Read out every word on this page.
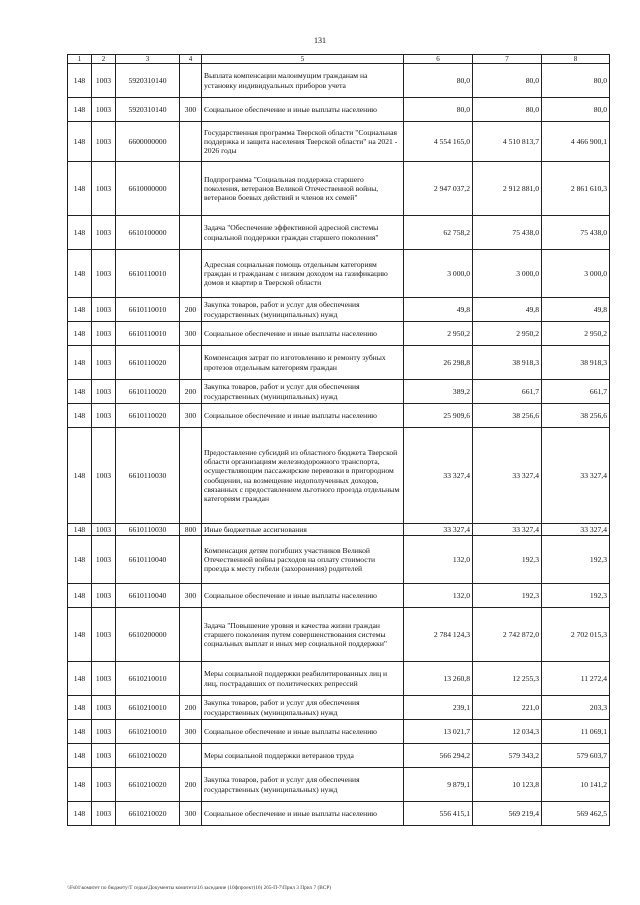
131
1	2	3	4	5	6	7	8
148	1003	5920310140		Выплата компенсации малоимущим гражданам на установку индивидуальных приборов учета	80,0	80,0	80,0
148	1003	5920310140	300	Социальное обеспечение и иные выплаты населению	80,0	80,0	80,0
148	1003	6600000000		Государственная программа Тверской области "Социальная поддержка и защита населения Тверской области" на 2021 - 2026 годы	4 554 165,0	4 510 813,7	4 466 900,1
148	1003	6610000000		Подпрограмма "Социальная поддержка старшего поколения, ветеранов Великой Отечественной войны, ветеранов боевых действий и членов их семей"	2 947 037,2	2 912 881,0	2 861 610,3
148	1003	6610100000		Задача "Обеспечение эффективной адресной системы социальной поддержки граждан старшего поколения"	62 758,2	75 438,0	75 438,0
148	1003	6610110010		Адресная социальная помощь отдельным категориям граждан и гражданам с низким доходом на газификацию домов и квартир в Тверской области	3 000,0	3 000,0	3 000,0
148	1003	6610110010	200	Закупка товаров, работ и услуг для обеспечения государственных (муниципальных) нужд	49,8	49,8	49,8
148	1003	6610110010	300	Социальное обеспечение и иные выплаты населению	2 950,2	2 950,2	2 950,2
148	1003	6610110020		Компенсация затрат по изготовлению и ремонту зубных протезов отдельным категориям граждан	26 298,8	38 918,3	38 918,3
148	1003	6610110020	200	Закупка товаров, работ и услуг для обеспечения государственных (муниципальных) нужд	389,2	661,7	661,7
148	1003	6610110020	300	Социальное обеспечение и иные выплаты населению	25 909,6	38 256,6	38 256,6
148	1003	6610110030		Предоставление субсидий из областного бюджета Тверской области организациям железнодорожного транспорта, осуществляющим пассажирские перевозки в пригородном сообщении, на возмещение недополученных доходов, связанных с предоставлением льготного проезда отдельным категориям граждан	33 327,4	33 327,4	33 327,4
148	1003	6610110030	800	Иные бюджетные ассигнования	33 327,4	33 327,4	33 327,4
148	1003	6610110040		Компенсация детям погибших участников Великой Отечественной войны расходов на оплату стоимости проезда к месту гибели (захоронения) родителей	132,0	192,3	192,3
148	1003	6610110040	300	Социальное обеспечение и иные выплаты населению	132,0	192,3	192,3
148	1003	6610200000		Задача "Повышение уровня и качества жизни граждан старшего поколения путем совершенствования системы социальных выплат и иных мер социальной поддержки"	2 784 124,3	2 742 872,0	2 702 015,3
148	1003	6610210010		Меры социальной поддержки реабилитированных лиц и лиц, пострадавших от политических репрессий	13 260,8	12 255,3	11 272,4
148	1003	6610210010	200	Закупка товаров, работ и услуг для обеспечения государственных (муниципальных) нужд	239,1	221,0	203,3
148	1003	6610210010	300	Социальное обеспечение и иные выплаты населению	13 021,7	12 034,3	11 069,1
148	1003	6610210020		Меры социальной поддержки ветеранов труда	566 294,2	579 343,2	579 603,7
148	1003	6610210020	200	Закупка товаров, работ и услуг для обеспечения государственных (муниципальных) нужд	9 879,1	10 123,8	10 141,2
148	1003	6610210020	300	Социальное обеспечение и иные выплаты населению	556 415,1	569 219,4	569 462,5
\\Fs01\комитет по бюджету\Т седьм\Документы комитета\16 заседание (10фпроект)16) 265-П-7\Прил 3 Прил 7 (ВСР)
